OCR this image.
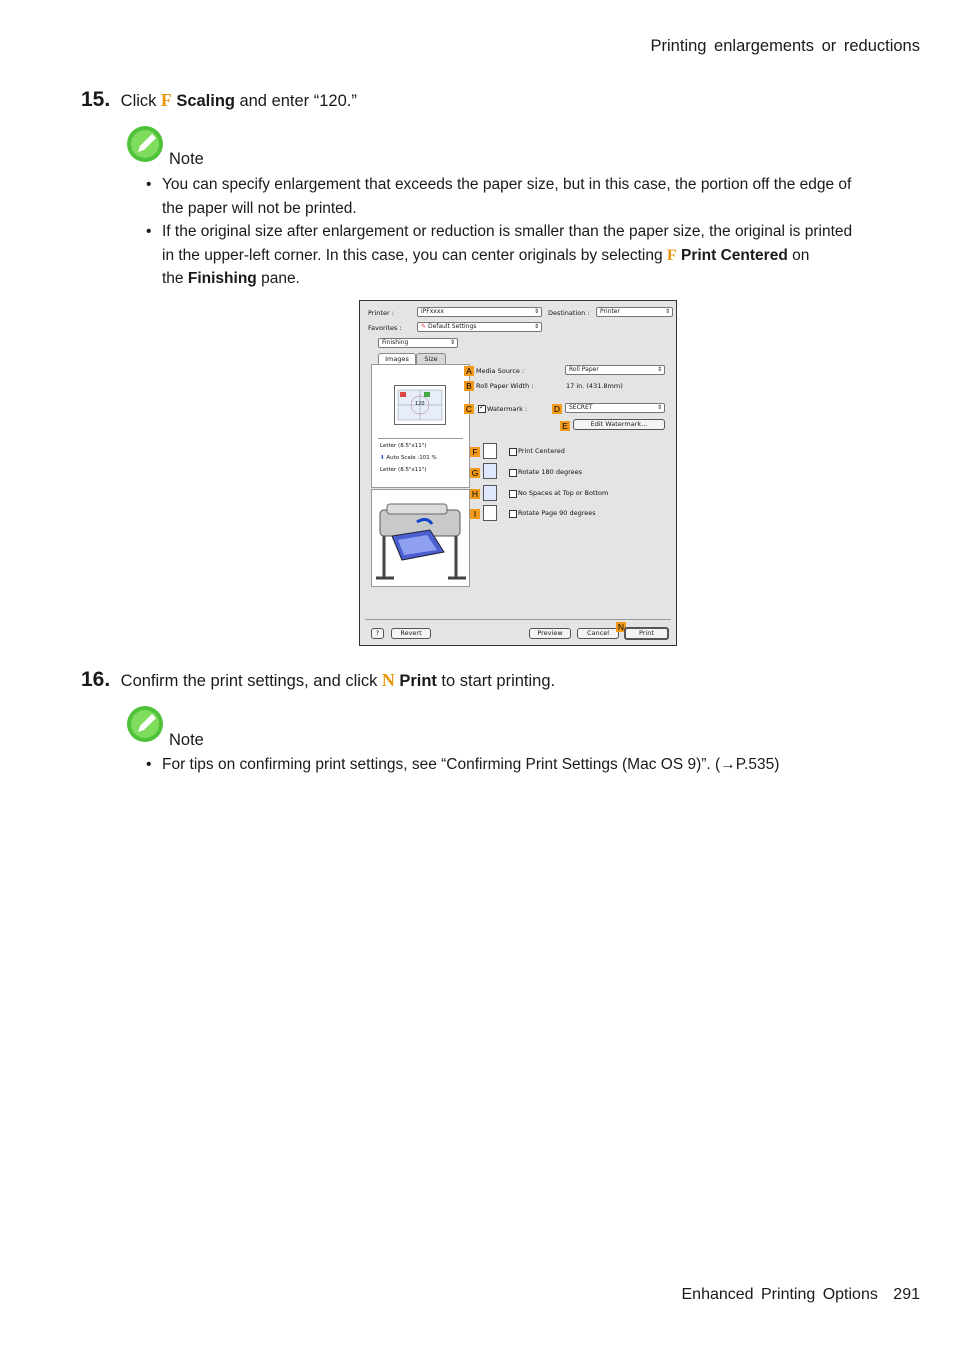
Printing enlargements or reductions
15. Click F Scaling and enter “120.”
Note
• You can specify enlargement that exceeds the paper size, but in this case, the portion off the edge of
the paper will not be printed.
• If the original size after enlargement or reduction is smaller than the paper size, the original is printed
in the upper-left corner. In this case, you can center originals by selecting F Print Centered on
the Finishing pane.
Printer :	iPFxxxx	⇕ Destination :	Printer	⇕
Favorites :	✎ Default Settings	⇕
Finishing	⇕
Images	Size
120
Letter (8.5"x11")
⬇ Auto Scale :101 %
Letter (8.5"x11")
A Media Source :	Roll Paper	⇕
B Roll Paper Width :	17 in. (431.8mm)
C ✓ Watermark :	D	SECRET	⇕
E	Edit Watermark...
F	Print Centered
G	Rotate 180 degrees
H	No Spaces at Top or Bottom
I	Rotate Page 90 degrees
?	Revert	Preview	Cancel
N
Print
16. Confirm the print settings, and click N Print to start printing.
Note
• For tips on confirming print settings, see “Confirming Print Settings (Mac OS 9)”. (→P.535)
Enhanced Printing Options 291
